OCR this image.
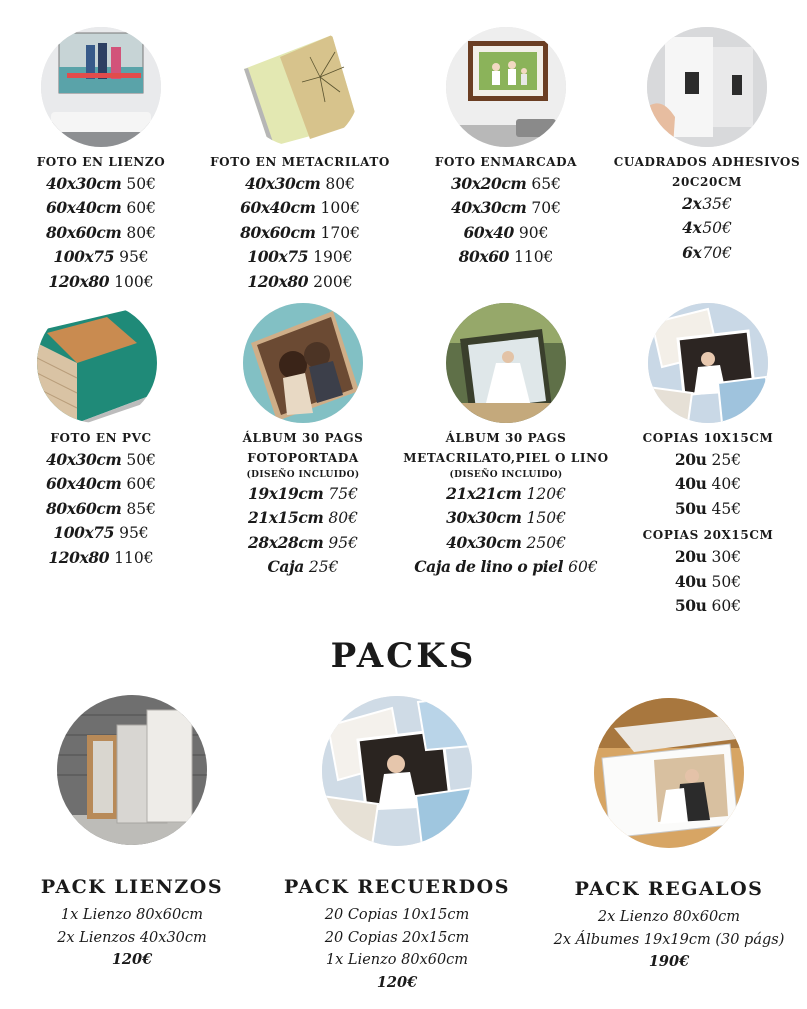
FOTO EN LIENZO
40x30cm 50€
60x40cm 60€
80x60cm 80€
100x75 95€
120x80 100€
FOTO EN METACRILATO
40x30cm 80€
60x40cm 100€
80x60cm 170€
100x75 190€
120x80 200€
FOTO ENMARCADA
30x20cm 65€
40x30cm 70€
60x40 90€
80x60 110€
CUADRADOS ADHESIVOS
20C20CM
2x35€
4x50€
6x70€
FOTO EN PVC
40x30cm 50€
60x40cm 60€
80x60cm 85€
100x75 95€
120x80 110€
ÁLBUM 30 PAGS
FOTOPORTADA
(DISEÑO INCLUIDO)
19x19cm 75€
21x15cm 80€
28x28cm 95€
Caja 25€
ÁLBUM 30 PAGS
METACRILATO,PIEL O LINO
(DISEÑO INCLUIDO)
21x21cm 120€
30x30cm 150€
40x30cm 250€
Caja de lino o piel 60€
COPIAS 10X15CM
20u 25€
40u 40€
50u 45€
COPIAS 20X15CM
20u 30€
40u 50€
50u 60€
PACKS
PACK LIENZOS
1x Lienzo 80x60cm
2x Lienzos 40x30cm
120€
PACK RECUERDOS
20 Copias 10x15cm
20 Copias 20x15cm
1x Lienzo 80x60cm
120€
PACK REGALOS
2x Lienzo 80x60cm
2x Álbumes 19x19cm (30 págs)
190€
